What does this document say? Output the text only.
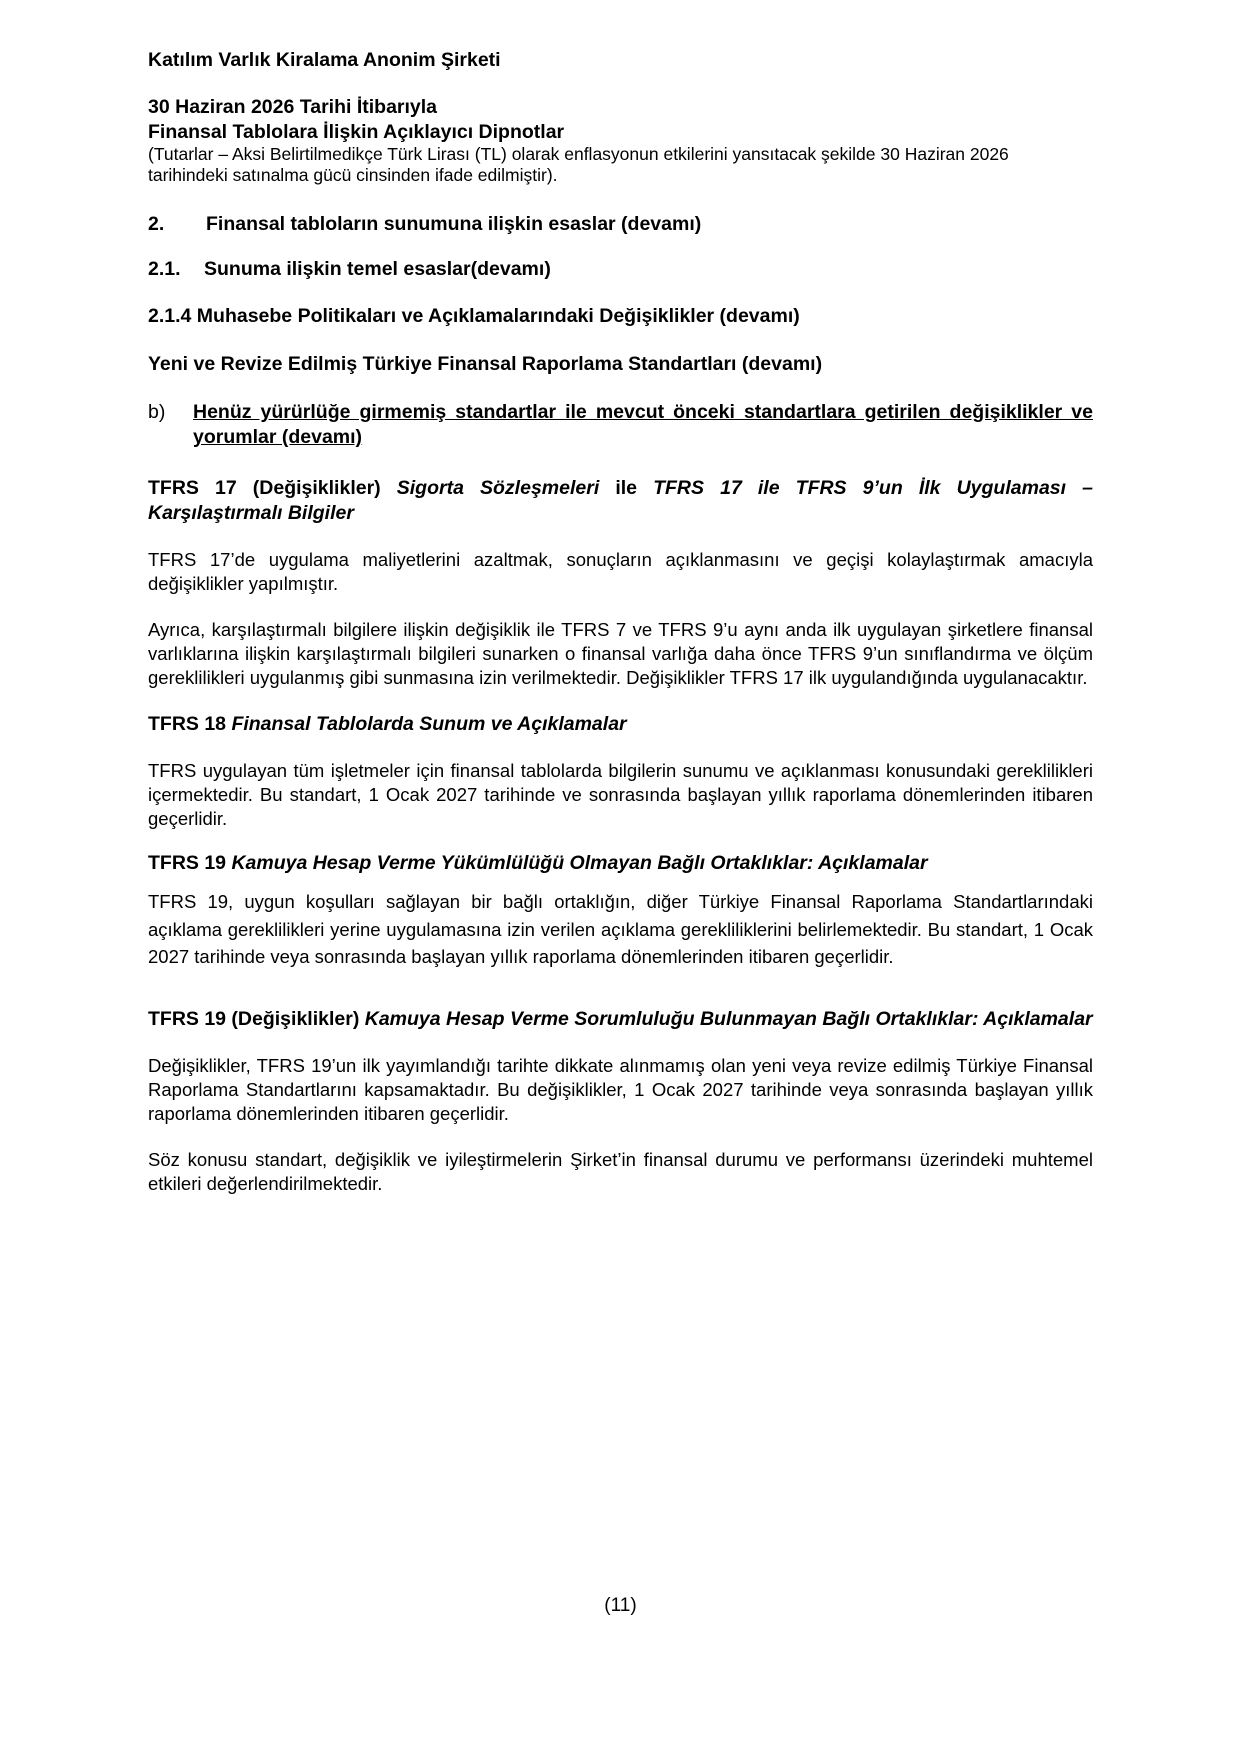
Katılım Varlık Kiralama Anonim Şirketi

30 Haziran 2026 Tarihi İtibarıyla

Finansal Tablolara İlişkin Açıklayıcı Dipnotlar

(Tutarlar – Aksi Belirtilmedikçe Türk Lirası (TL) olarak enflasyonun etkilerini yansıtacak şekilde 30 Haziran 2026 tarihindeki satınalma gücü cinsinden ifade edilmiştir).

2. Finansal tabloların sunumuna ilişkin esaslar (devamı)

2.1. Sunuma ilişkin temel esaslar(devamı)

2.1.4 Muhasebe Politikaları ve Açıklamalarındaki Değişiklikler (devamı)

Yeni ve Revize Edilmiş Türkiye Finansal Raporlama Standartları (devamı)

b)	Henüz yürürlüğe girmemiş standartlar ile mevcut önceki standartlara getirilen değişiklikler ve yorumlar (devamı)

TFRS 17 (Değişiklikler) Sigorta Sözleşmeleri ile TFRS 17 ile TFRS 9’un İlk Uygulaması – Karşılaştırmalı Bilgiler

TFRS 17’de uygulama maliyetlerini azaltmak, sonuçların açıklanmasını ve geçişi kolaylaştırmak amacıyla değişiklikler yapılmıştır.

Ayrıca, karşılaştırmalı bilgilere ilişkin değişiklik ile TFRS 7 ve TFRS 9’u aynı anda ilk uygulayan şirketlere finansal varlıklarına ilişkin karşılaştırmalı bilgileri sunarken o finansal varlığa daha önce TFRS 9’un sınıflandırma ve ölçüm gereklilikleri uygulanmış gibi sunmasına izin verilmektedir. Değişiklikler TFRS 17 ilk uygulandığında uygulanacaktır.

TFRS 18 Finansal Tablolarda Sunum ve Açıklamalar

TFRS uygulayan tüm işletmeler için finansal tablolarda bilgilerin sunumu ve açıklanması konusundaki gereklilikleri içermektedir. Bu standart, 1 Ocak 2027 tarihinde ve sonrasında başlayan yıllık raporlama dönemlerinden itibaren geçerlidir.

TFRS 19 Kamuya Hesap Verme Yükümlülüğü Olmayan Bağlı Ortaklıklar: Açıklamalar

TFRS 19, uygun koşulları sağlayan bir bağlı ortaklığın, diğer Türkiye Finansal Raporlama Standartlarındaki açıklama gereklilikleri yerine uygulamasına izin verilen açıklama gerekliliklerini belirlemektedir. Bu standart, 1 Ocak 2027 tarihinde veya sonrasında başlayan yıllık raporlama dönemlerinden itibaren geçerlidir.

TFRS 19 (Değişiklikler) Kamuya Hesap Verme Sorumluluğu Bulunmayan Bağlı Ortaklıklar: Açıklamalar

Değişiklikler, TFRS 19’un ilk yayımlandığı tarihte dikkate alınmamış olan yeni veya revize edilmiş Türkiye Finansal Raporlama Standartlarını kapsamaktadır. Bu değişiklikler, 1 Ocak 2027 tarihinde veya sonrasında başlayan yıllık raporlama dönemlerinden itibaren geçerlidir.

Söz konusu standart, değişiklik ve iyileştirmelerin Şirket’in finansal durumu ve performansı üzerindeki muhtemel etkileri değerlendirilmektedir.

(11)
